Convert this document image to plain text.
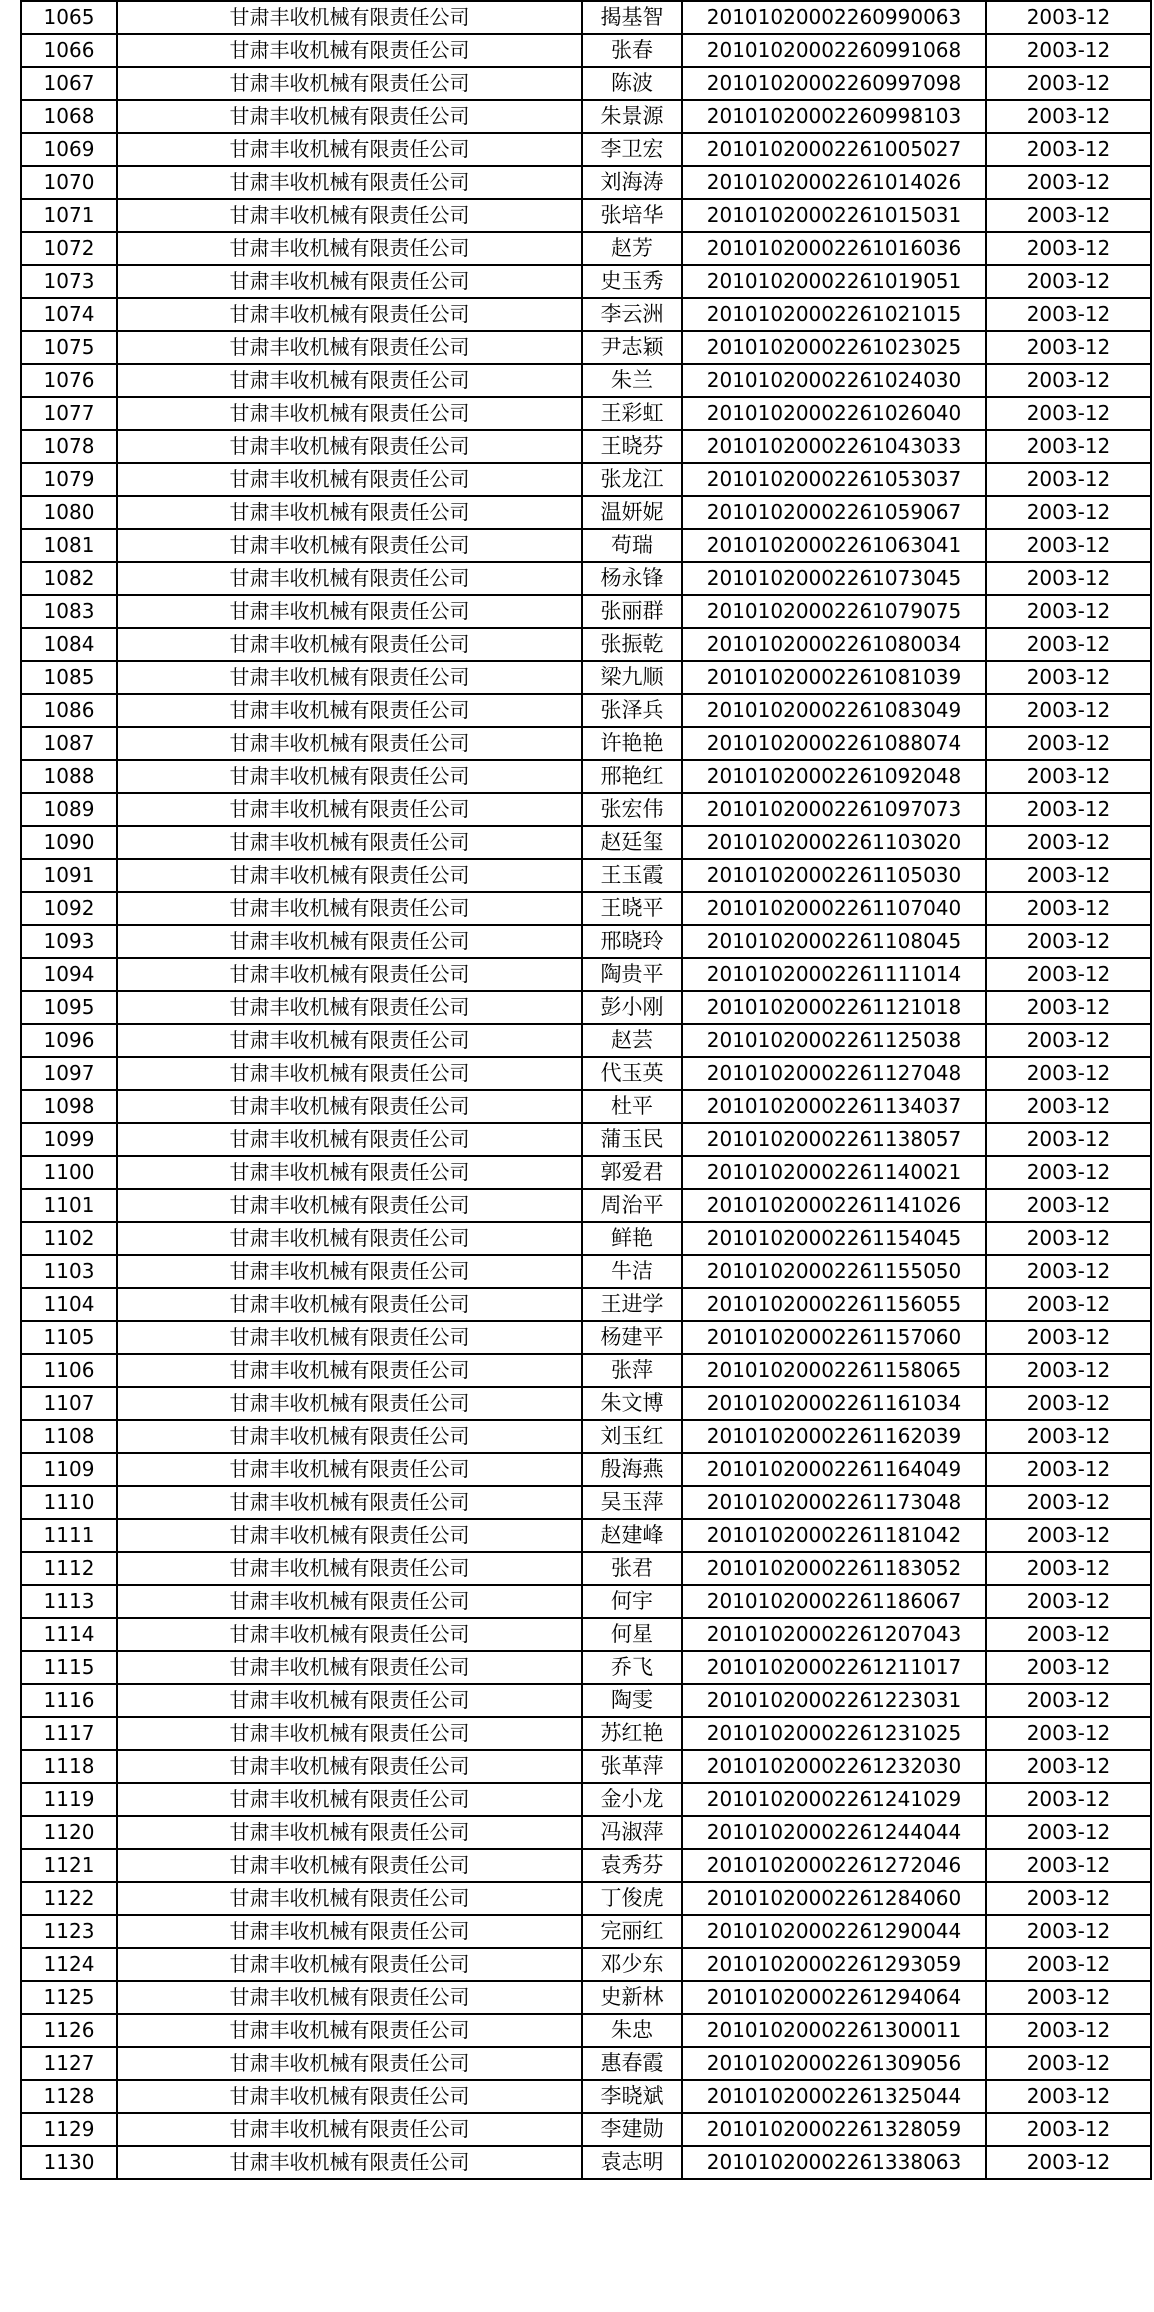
1065	甘肃丰收机械有限责任公司	揭基智	20101020002260990063	2003-12
1066	甘肃丰收机械有限责任公司	张春	20101020002260991068	2003-12
1067	甘肃丰收机械有限责任公司	陈波	20101020002260997098	2003-12
1068	甘肃丰收机械有限责任公司	朱景源	20101020002260998103	2003-12
1069	甘肃丰收机械有限责任公司	李卫宏	20101020002261005027	2003-12
1070	甘肃丰收机械有限责任公司	刘海涛	20101020002261014026	2003-12
1071	甘肃丰收机械有限责任公司	张培华	20101020002261015031	2003-12
1072	甘肃丰收机械有限责任公司	赵芳	20101020002261016036	2003-12
1073	甘肃丰收机械有限责任公司	史玉秀	20101020002261019051	2003-12
1074	甘肃丰收机械有限责任公司	李云洲	20101020002261021015	2003-12
1075	甘肃丰收机械有限责任公司	尹志颖	20101020002261023025	2003-12
1076	甘肃丰收机械有限责任公司	朱兰	20101020002261024030	2003-12
1077	甘肃丰收机械有限责任公司	王彩虹	20101020002261026040	2003-12
1078	甘肃丰收机械有限责任公司	王晓芬	20101020002261043033	2003-12
1079	甘肃丰收机械有限责任公司	张龙江	20101020002261053037	2003-12
1080	甘肃丰收机械有限责任公司	温妍妮	20101020002261059067	2003-12
1081	甘肃丰收机械有限责任公司	苟瑞	20101020002261063041	2003-12
1082	甘肃丰收机械有限责任公司	杨永锋	20101020002261073045	2003-12
1083	甘肃丰收机械有限责任公司	张丽群	20101020002261079075	2003-12
1084	甘肃丰收机械有限责任公司	张振乾	20101020002261080034	2003-12
1085	甘肃丰收机械有限责任公司	梁九顺	20101020002261081039	2003-12
1086	甘肃丰收机械有限责任公司	张泽兵	20101020002261083049	2003-12
1087	甘肃丰收机械有限责任公司	许艳艳	20101020002261088074	2003-12
1088	甘肃丰收机械有限责任公司	邢艳红	20101020002261092048	2003-12
1089	甘肃丰收机械有限责任公司	张宏伟	20101020002261097073	2003-12
1090	甘肃丰收机械有限责任公司	赵廷玺	20101020002261103020	2003-12
1091	甘肃丰收机械有限责任公司	王玉霞	20101020002261105030	2003-12
1092	甘肃丰收机械有限责任公司	王晓平	20101020002261107040	2003-12
1093	甘肃丰收机械有限责任公司	邢晓玲	20101020002261108045	2003-12
1094	甘肃丰收机械有限责任公司	陶贵平	20101020002261111014	2003-12
1095	甘肃丰收机械有限责任公司	彭小刚	20101020002261121018	2003-12
1096	甘肃丰收机械有限责任公司	赵芸	20101020002261125038	2003-12
1097	甘肃丰收机械有限责任公司	代玉英	20101020002261127048	2003-12
1098	甘肃丰收机械有限责任公司	杜平	20101020002261134037	2003-12
1099	甘肃丰收机械有限责任公司	蒲玉民	20101020002261138057	2003-12
1100	甘肃丰收机械有限责任公司	郭爱君	20101020002261140021	2003-12
1101	甘肃丰收机械有限责任公司	周治平	20101020002261141026	2003-12
1102	甘肃丰收机械有限责任公司	鲜艳	20101020002261154045	2003-12
1103	甘肃丰收机械有限责任公司	牛洁	20101020002261155050	2003-12
1104	甘肃丰收机械有限责任公司	王进学	20101020002261156055	2003-12
1105	甘肃丰收机械有限责任公司	杨建平	20101020002261157060	2003-12
1106	甘肃丰收机械有限责任公司	张萍	20101020002261158065	2003-12
1107	甘肃丰收机械有限责任公司	朱文博	20101020002261161034	2003-12
1108	甘肃丰收机械有限责任公司	刘玉红	20101020002261162039	2003-12
1109	甘肃丰收机械有限责任公司	殷海燕	20101020002261164049	2003-12
1110	甘肃丰收机械有限责任公司	吴玉萍	20101020002261173048	2003-12
1111	甘肃丰收机械有限责任公司	赵建峰	20101020002261181042	2003-12
1112	甘肃丰收机械有限责任公司	张君	20101020002261183052	2003-12
1113	甘肃丰收机械有限责任公司	何宇	20101020002261186067	2003-12
1114	甘肃丰收机械有限责任公司	何星	20101020002261207043	2003-12
1115	甘肃丰收机械有限责任公司	乔飞	20101020002261211017	2003-12
1116	甘肃丰收机械有限责任公司	陶雯	20101020002261223031	2003-12
1117	甘肃丰收机械有限责任公司	苏红艳	20101020002261231025	2003-12
1118	甘肃丰收机械有限责任公司	张革萍	20101020002261232030	2003-12
1119	甘肃丰收机械有限责任公司	金小龙	20101020002261241029	2003-12
1120	甘肃丰收机械有限责任公司	冯淑萍	20101020002261244044	2003-12
1121	甘肃丰收机械有限责任公司	袁秀芬	20101020002261272046	2003-12
1122	甘肃丰收机械有限责任公司	丁俊虎	20101020002261284060	2003-12
1123	甘肃丰收机械有限责任公司	完丽红	20101020002261290044	2003-12
1124	甘肃丰收机械有限责任公司	邓少东	20101020002261293059	2003-12
1125	甘肃丰收机械有限责任公司	史新林	20101020002261294064	2003-12
1126	甘肃丰收机械有限责任公司	朱忠	20101020002261300011	2003-12
1127	甘肃丰收机械有限责任公司	惠春霞	20101020002261309056	2003-12
1128	甘肃丰收机械有限责任公司	李晓斌	20101020002261325044	2003-12
1129	甘肃丰收机械有限责任公司	李建勋	20101020002261328059	2003-12
1130	甘肃丰收机械有限责任公司	袁志明	20101020002261338063	2003-12
